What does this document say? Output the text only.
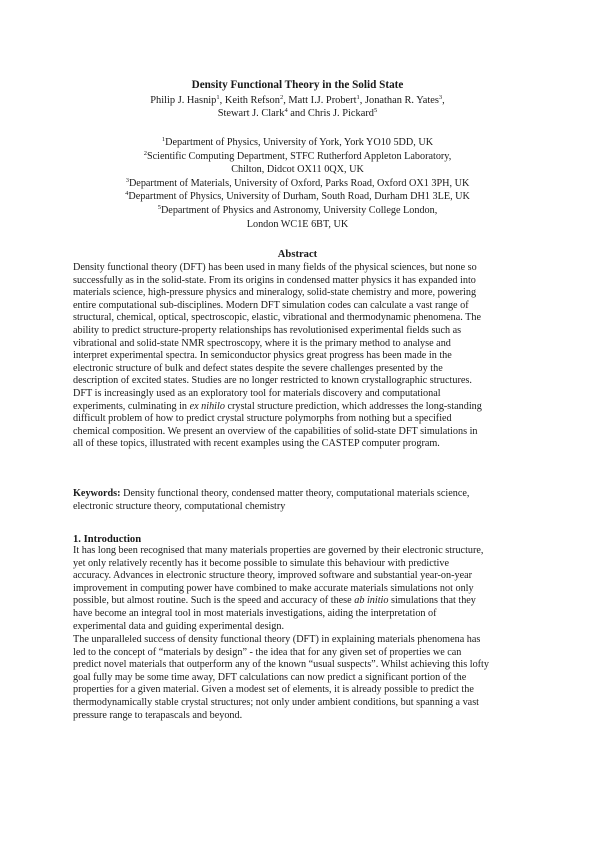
Density Functional Theory in the Solid State
Philip J. Hasnip$^1$, Keith Refson$^2$, Matt I.J. Probert$^1$, Jonathan R. Yates$^3$,
Stewart J. Clark$^4$ and Chris J. Pickard$^5$
$^1$Department of Physics, University of York, York YO10 5DD, UK
$^2$Scientific Computing Department, STFC Rutherford Appleton Laboratory,
Chilton, Didcot OX11 0QX, UK
$^3$Department of Materials, University of Oxford, Parks Road, Oxford OX1 3PH, UK
$^4$Department of Physics, University of Durham, South Road, Durham DH1 3LE, UK
$^5$Department of Physics and Astronomy, University College London,
London WC1E 6BT, UK
Abstract
Density functional theory (DFT) has been used in many fields of the physical sciences, but none so
successfully as in the solid-state. From its origins in condensed matter physics it has expanded into
materials science, high-pressure physics and mineralogy, solid-state chemistry and more, powering
entire computational sub-disciplines. Modern DFT simulation codes can calculate a vast range of
structural, chemical, optical, spectroscopic, elastic, vibrational and thermodynamic phenomena. The
ability to predict structure-property relationships has revolutionised experimental fields such as
vibrational and solid-state NMR spectroscopy, where it is the primary method to analyse and
interpret experimental spectra. In semiconductor physics great progress has been made in the
electronic structure of bulk and defect states despite the severe challenges presented by the
description of excited states. Studies are no longer restricted to known crystallographic structures.
DFT is increasingly used as an exploratory tool for materials discovery and computational
experiments, culminating in ex nihilo crystal structure prediction, which addresses the long-standing
difficult problem of how to predict crystal structure polymorphs from nothing but a specified
chemical composition. We present an overview of the capabilities of solid-state DFT simulations in
all of these topics, illustrated with recent examples using the CASTEP computer program.
Keywords: Density functional theory, condensed matter theory, computational materials science,
electronic structure theory, computational chemistry
1. Introduction
It has long been recognised that many materials properties are governed by their electronic structure,
yet only relatively recently has it become possible to simulate this behaviour with predictive
accuracy. Advances in electronic structure theory, improved software and substantial year-on-year
improvement in computing power have combined to make accurate materials simulations not only
possible, but almost routine. Such is the speed and accuracy of these ab initio simulations that they
have become an integral tool in most materials investigations, aiding the interpretation of
experimental data and guiding experimental design.
The unparalleled success of density functional theory (DFT) in explaining materials phenomena has
led to the concept of “materials by design” - the idea that for any given set of properties we can
predict novel materials that outperform any of the known “usual suspects”. Whilst achieving this lofty
goal fully may be some time away, DFT calculations can now predict a significant portion of the
properties for a given material. Given a modest set of elements, it is already possible to predict the
thermodynamically stable crystal structures; not only under ambient conditions, but spanning a vast
pressure range to terapascals and beyond.
